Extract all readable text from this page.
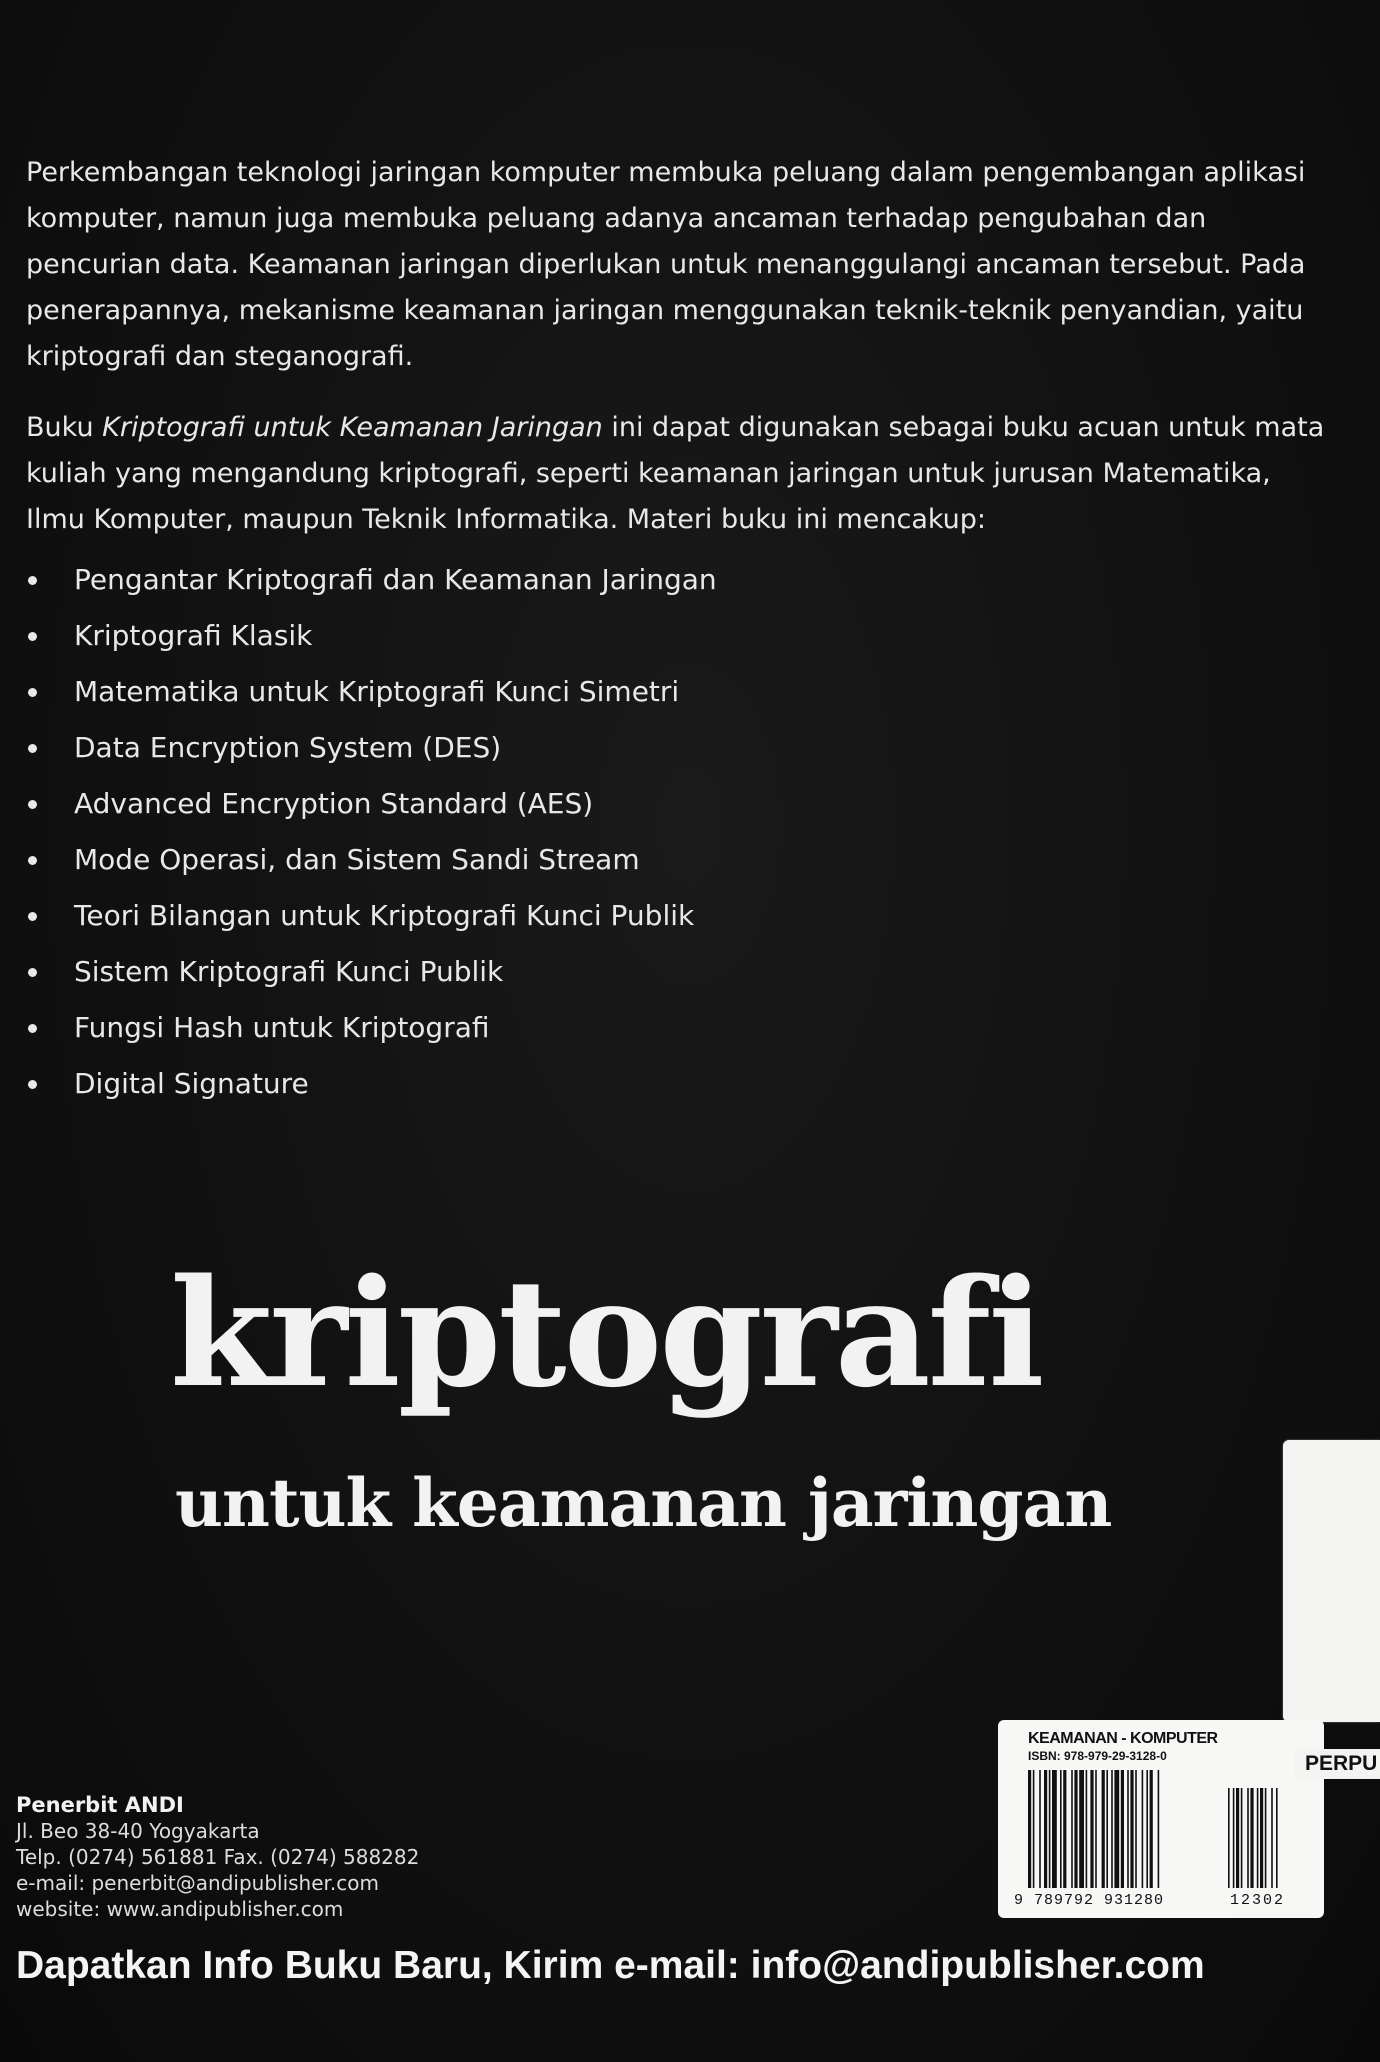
Perkembangan teknologi jaringan komputer membuka peluang dalam pengembangan aplikasi komputer, namun juga membuka peluang adanya ancaman terhadap pengubahan dan pencurian data. Keamanan jaringan diperlukan untuk menanggulangi ancaman tersebut. Pada penerapannya, mekanisme keamanan jaringan menggunakan teknik-teknik penyandian, yaitu kriptografi dan steganografi.

Buku Kriptografi untuk Keamanan Jaringan ini dapat digunakan sebagai buku acuan untuk mata kuliah yang mengandung kriptografi, seperti keamanan jaringan untuk jurusan Matematika, Ilmu Komputer, maupun Teknik Informatika. Materi buku ini mencakup:

Pengantar Kriptografi dan Keamanan Jaringan
Kriptografi Klasik
Matematika untuk Kriptografi Kunci Simetri
Data Encryption System (DES)
Advanced Encryption Standard (AES)
Mode Operasi, dan Sistem Sandi Stream
Teori Bilangan untuk Kriptografi Kunci Publik
Sistem Kriptografi Kunci Publik
Fungsi Hash untuk Kriptografi
Digital Signature
kriptografi
untuk keamanan jaringan
KEAMANAN - KOMPUTER
ISBN: 978-979-29-3128-0
9 789792 931280	12302
PERPU
Penerbit ANDI
Jl. Beo 38-40 Yogyakarta
Telp. (0274) 561881 Fax. (0274) 588282
e-mail: penerbit@andipublisher.com
website: www.andipublisher.com
Dapatkan Info Buku Baru, Kirim e-mail: info@andipublisher.com
